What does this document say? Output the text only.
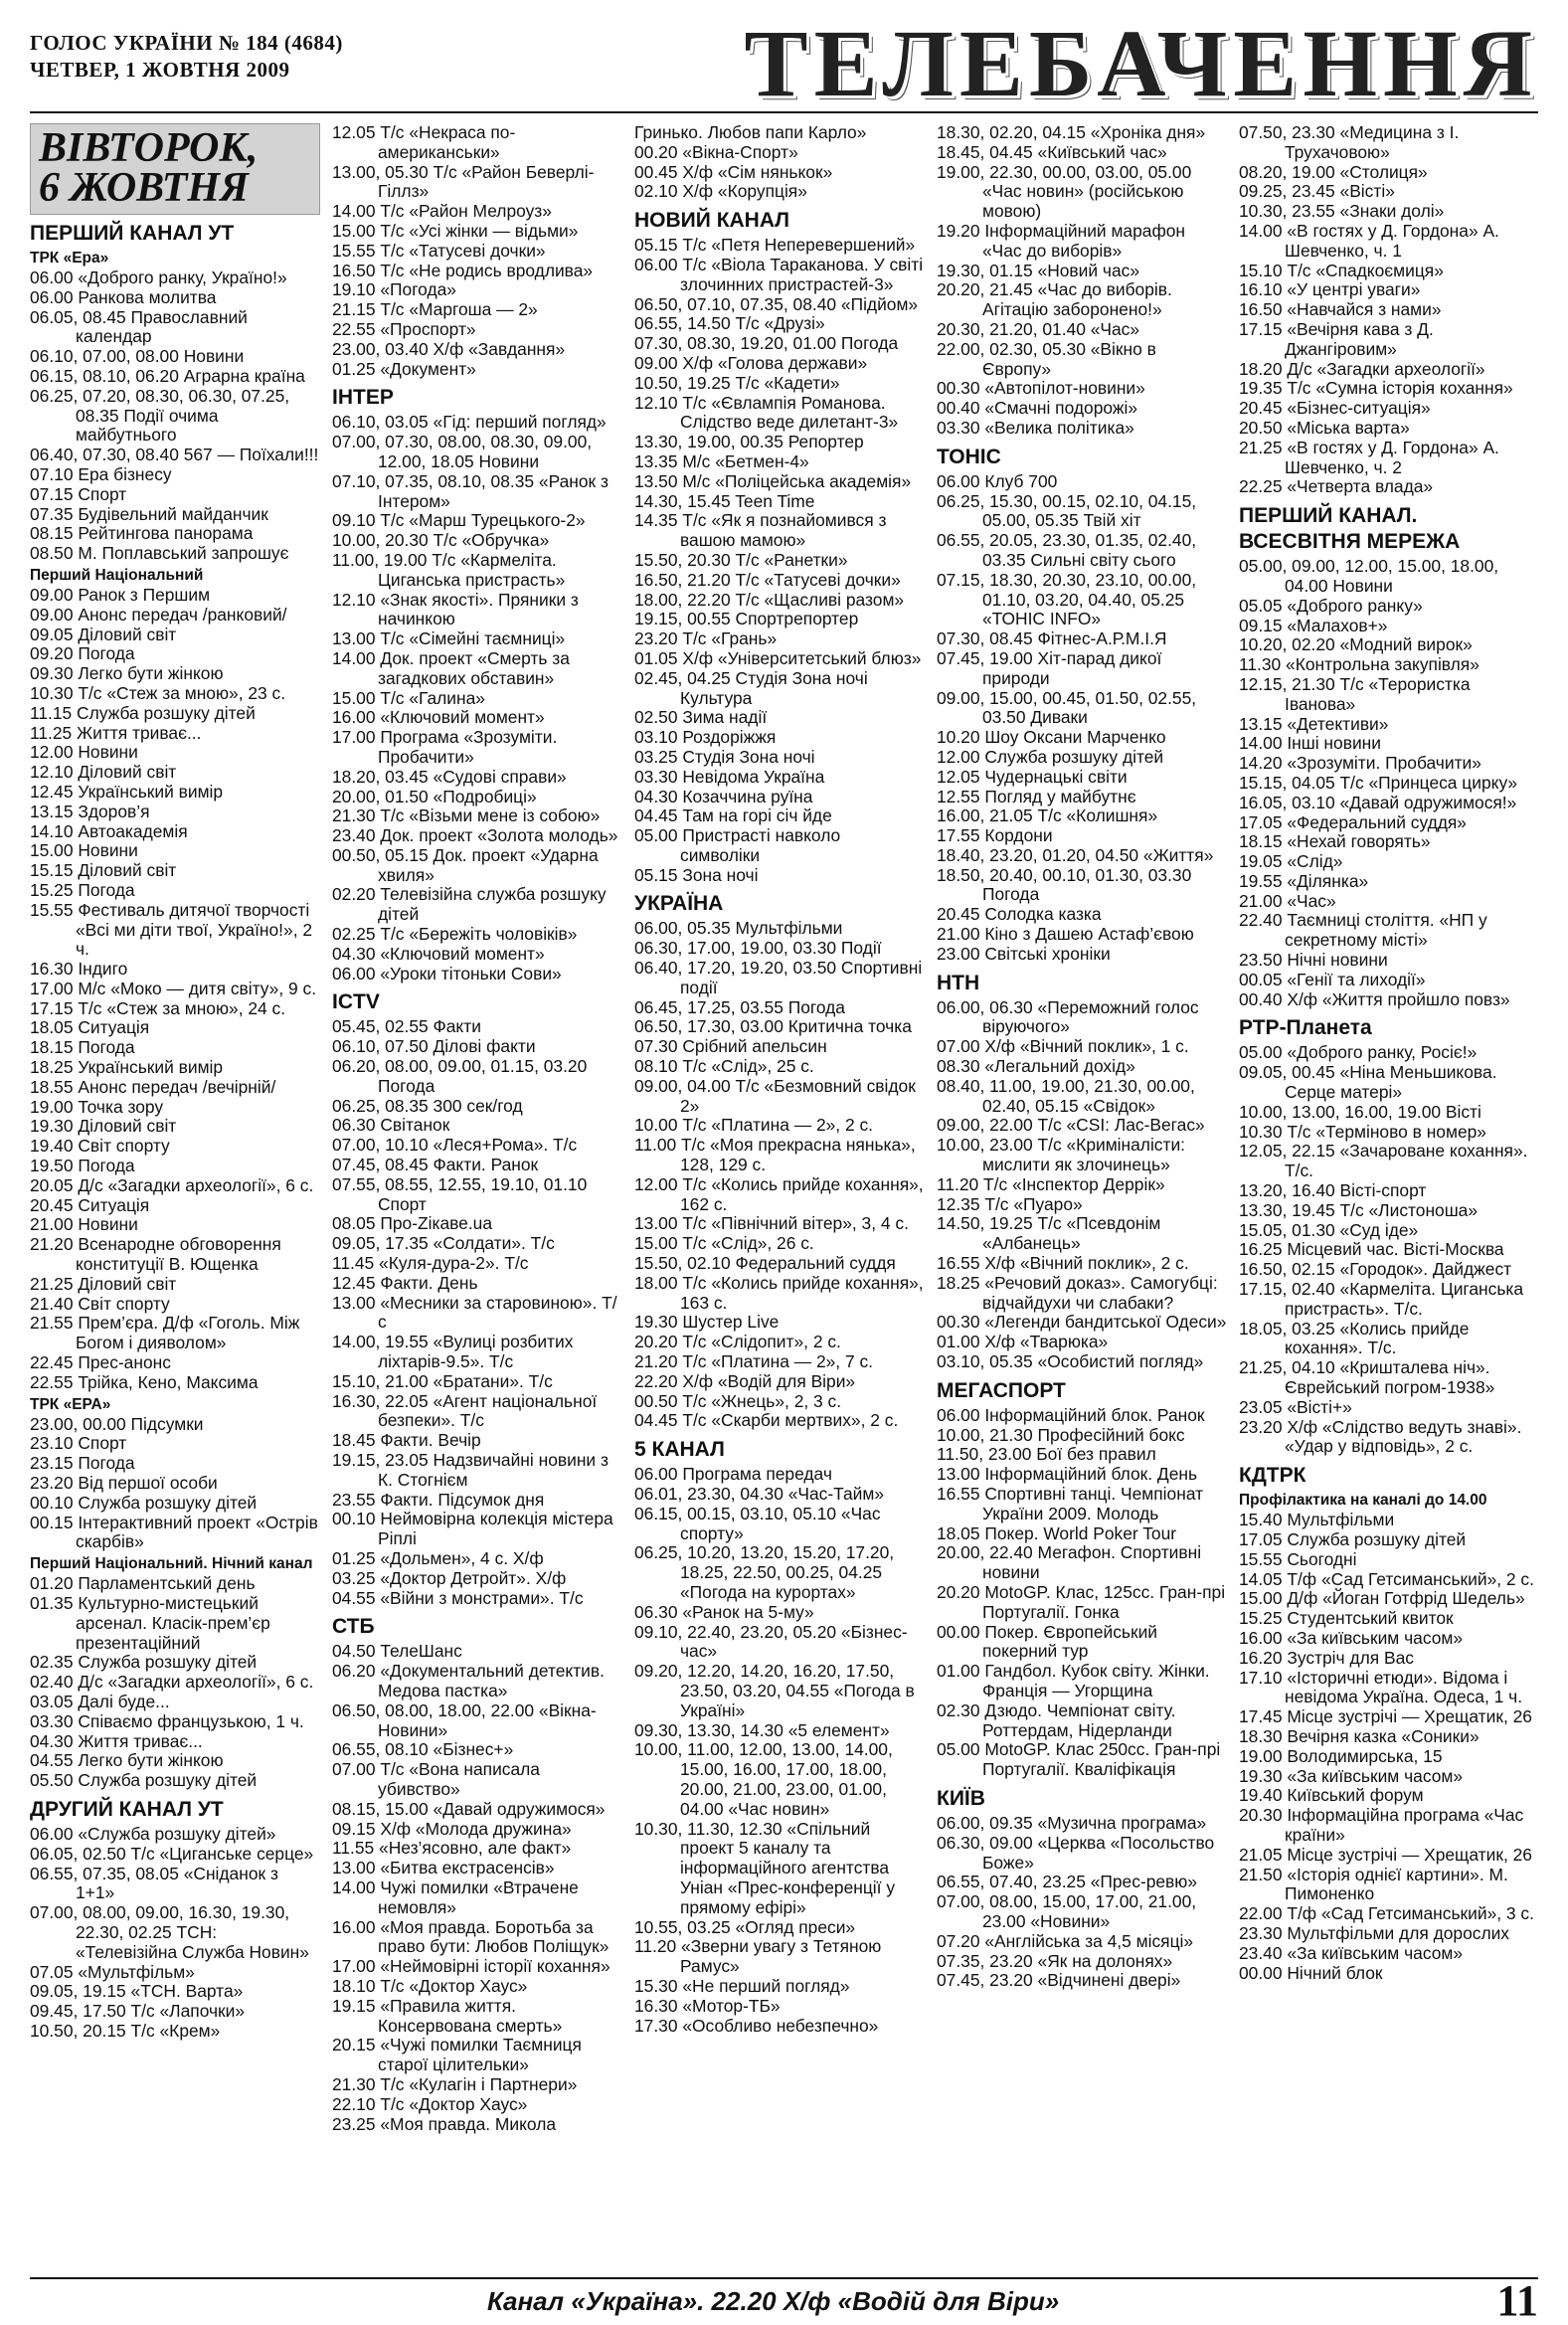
ГОЛОС УКРАЇНИ № 184 (4684)
ЧЕТВЕР, 1 ЖОВТНЯ 2009	ТЕЛЕБАЧЕННЯ
ВІВТОРОК,
6 ЖОВТНЯ
ПЕРШИЙ КАНАЛ УТ
ТРК «Ера»
06.00 «Доброго ранку, Україно!»
06.00 Ранкова молитва
06.05, 08.45 Православний календар
06.10, 07.00, 08.00 Новини
06.15, 08.10, 06.20 Аграрна країна
06.25, 07.20, 08.30, 06.30, 07.25, 08.35 Події очима майбутнього
06.40, 07.30, 08.40 567 — Поїхали!!!
07.10 Ера бізнесу
07.15 Спорт
07.35 Будівельний майданчик
08.15 Рейтингова панорама
08.50 М. Поплавський запрошує
Перший Національний
09.00 Ранок з Першим
09.00 Анонс передач /ранковий/
09.05 Діловий світ
09.20 Погода
09.30 Легко бути жінкою
10.30 Т/с «Стеж за мною», 23 с.
11.15 Служба розшуку дітей
11.25 Життя триває...
12.00 Новини
12.10 Діловий світ
12.45 Український вимір
13.15 Здоров’я
14.10 Автоакадемія
15.00 Новини
15.15 Діловий світ
15.25 Погода
15.55 Фестиваль дитячої творчості «Всі ми діти твої, Україно!», 2 ч.
16.30 Індиго
17.00 М/с «Моко — дитя світу», 9 с.
17.15 Т/с «Стеж за мною», 24 с.
18.05 Ситуація
18.15 Погода
18.25 Український вимір
18.55 Анонс передач /вечірній/
19.00 Точка зору
19.30 Діловий світ
19.40 Світ спорту
19.50 Погода
20.05 Д/с «Загадки археології», 6 с.
20.45 Ситуація
21.00 Новини
21.20 Всенародне обговорення конституції В. Ющенка
21.25 Діловий світ
21.40 Світ спорту
21.55 Прем’єра. Д/ф «Гоголь. Між Богом і дияволом»
22.45 Прес-анонс
22.55 Трійка, Кено, Максима
ТРК «ЕРА»
23.00, 00.00 Підсумки
23.10 Спорт
23.15 Погода
23.20 Від першої особи
00.10 Служба розшуку дітей
00.15 Інтерактивний проект «Острів скарбів»
Перший Національний. Нічний канал
01.20 Парламентський день
01.35 Культурно-мистецький арсенал. Класік-прем’єр презентаційний
02.35 Служба розшуку дітей
02.40 Д/с «Загадки археології», 6 с.
03.05 Далі буде...
03.30 Співаємо французькою, 1 ч.
04.30 Життя триває...
04.55 Легко бути жінкою
05.50 Служба розшуку дітей
ДРУГИЙ КАНАЛ УТ
06.00 «Служба розшуку дітей»
06.05, 02.50 Т/с «Циганське серце»
06.55, 07.35, 08.05 «Сніданок з 1+1»
07.00, 08.00, 09.00, 16.30, 19.30, 22.30, 02.25 ТСН: «Телевізійна Служба Новин»
07.05 «Мультфільм»
09.05, 19.15 «ТСН. Варта»
09.45, 17.50 Т/с «Лапочки»
10.50, 20.15 Т/с «Крем»
12.05 Т/с «Некраса по-американськи»
13.00, 05.30 Т/с «Район Беверлі-Гіллз»
14.00 Т/с «Район Мелроуз»
15.00 Т/с «Усі жінки — відьми»
15.55 Т/с «Татусеві дочки»
16.50 Т/с «Не родись вродлива»
19.10 «Погода»
21.15 Т/с «Маргоша — 2»
22.55 «Проспорт»
23.00, 03.40 Х/ф «Завдання»
01.25 «Документ»
ІНТЕР
06.10, 03.05 «Гід: перший погляд»
07.00, 07.30, 08.00, 08.30, 09.00, 12.00, 18.05 Новини
07.10, 07.35, 08.10, 08.35 «Ранок з Інтером»
09.10 Т/с «Марш Турецького-2»
10.00, 20.30 Т/с «Обручка»
11.00, 19.00 Т/с «Кармеліта. Циганська пристрасть»
12.10 «Знак якості». Пряники з начинкою
13.00 Т/с «Сімейні таємниці»
14.00 Док. проект «Смерть за загадкових обставин»
15.00 Т/с «Галина»
16.00 «Ключовий момент»
17.00 Програма «Зрозуміти. Пробачити»
18.20, 03.45 «Судові справи»
20.00, 01.50 «Подробиці»
21.30 Т/с «Візьми мене із собою»
23.40 Док. проект «Золота молодь»
00.50, 05.15 Док. проект «Ударна хвиля»
02.20 Телевізійна служба розшуку дітей
02.25 Т/с «Бережіть чоловіків»
04.30 «Ключовий момент»
06.00 «Уроки тітоньки Сови»
ICTV
05.45, 02.55 Факти
06.10, 07.50 Ділові факти
06.20, 08.00, 09.00, 01.15, 03.20 Погода
06.25, 08.35 300 сек/год
06.30 Світанок
07.00, 10.10 «Леся+Рома». Т/с
07.45, 08.45 Факти. Ранок
07.55, 08.55, 12.55, 19.10, 01.10 Спорт
08.05 Про-Zікаве.ua
09.05, 17.35 «Солдати». Т/с
11.45 «Куля-дура-2». Т/с
12.45 Факти. День
13.00 «Месники за старовиною». Т/с
14.00, 19.55 «Вулиці розбитих ліхтарів-9.5». Т/с
15.10, 21.00 «Братани». Т/с
16.30, 22.05 «Агент національної безпеки». Т/с
18.45 Факти. Вечір
19.15, 23.05 Надзвичайні новини з К. Стогнієм
23.55 Факти. Підсумок дня
00.10 Неймовірна колекція містера Ріплі
01.25 «Дольмен», 4 с. Х/ф
03.25 «Доктор Детройт». Х/ф
04.55 «Війни з монстрами». Т/с
СТБ
04.50 ТелеШанс
06.20 «Документальний детектив. Медова пастка»
06.50, 08.00, 18.00, 22.00 «Вікна-Новини»
06.55, 08.10 «Бізнес+»
07.00 Т/с «Вона написала убивство»
08.15, 15.00 «Давай одружимося»
09.15 Х/ф «Молода дружина»
11.55 «Нез’ясовно, але факт»
13.00 «Битва екстрасенсів»
14.00 Чужі помилки «Втрачене немовля»
16.00 «Моя правда. Боротьба за право бути: Любов Поліщук»
17.00 «Неймовірні історії кохання»
18.10 Т/с «Доктор Хаус»
19.15 «Правила життя. Консервована смерть»
20.15 «Чужі помилки Таємниця старої цілительки»
21.30 Т/с «Кулагін і Партнери»
22.10 Т/с «Доктор Хаус»
23.25 «Моя правда. Микола
Гринько. Любов папи Карло»
00.20 «Вікна-Спорт»
00.45 Х/ф «Сім нянькок»
02.10 Х/ф «Корупція»
НОВИЙ КАНАЛ
05.15 Т/с «Петя Неперевершений»
06.00 Т/с «Віола Тараканова. У світі злочинних пристрастей-3»
06.50, 07.10, 07.35, 08.40 «Підйом»
06.55, 14.50 Т/с «Друзі»
07.30, 08.30, 19.20, 01.00 Погода
09.00 Х/ф «Голова держави»
10.50, 19.25 Т/с «Кадети»
12.10 Т/с «Євлампія Романова. Слідство веде дилетант-3»
13.30, 19.00, 00.35 Репортер
13.35 М/с «Бетмен-4»
13.50 М/с «Поліцейська академія»
14.30, 15.45 Teen Time
14.35 Т/с «Як я познайомився з вашою мамою»
15.50, 20.30 Т/с «Ранетки»
16.50, 21.20 Т/с «Татусеві дочки»
18.00, 22.20 Т/с «Щасливі разом»
19.15, 00.55 Спортрепортер
23.20 Т/с «Грань»
01.05 Х/ф «Університетський блюз»
02.45, 04.25 Студія Зона ночі Культура
02.50 Зима надії
03.10 Роздоріжжя
03.25 Студія Зона ночі
03.30 Невідома Україна
04.30 Козаччина руїна
04.45 Там на горі січ йде
05.00 Пристрасті навколо символіки
05.15 Зона ночі
УКРАЇНА
06.00, 05.35 Мультфільми
06.30, 17.00, 19.00, 03.30 Події
06.40, 17.20, 19.20, 03.50 Спортивні події
06.45, 17.25, 03.55 Погода
06.50, 17.30, 03.00 Критична точка
07.30 Срібний апельсин
08.10 Т/с «Слід», 25 с.
09.00, 04.00 Т/с «Безмовний свідок 2»
10.00 Т/с «Платина — 2», 2 с.
11.00 Т/с «Моя прекрасна нянька», 128, 129 с.
12.00 Т/с «Колись прийде кохання», 162 с.
13.00 Т/с «Північний вітер», 3, 4 с.
15.00 Т/с «Слід», 26 с.
15.50, 02.10 Федеральний суддя
18.00 Т/с «Колись прийде кохання», 163 с.
19.30 Шустер Live
20.20 Т/с «Слідопит», 2 с.
21.20 Т/с «Платина — 2», 7 с.
22.20 Х/ф «Водій для Віри»
00.50 Т/с «Жнець», 2, 3 с.
04.45 Т/с «Скарби мертвих», 2 с.
5 КАНАЛ
06.00 Програма передач
06.01, 23.30, 04.30 «Час-Тайм»
06.15, 00.15, 03.10, 05.10 «Час спорту»
06.25, 10.20, 13.20, 15.20, 17.20, 18.25, 22.50, 00.25, 04.25 «Погода на курортах»
06.30 «Ранок на 5-му»
09.10, 22.40, 23.20, 05.20 «Бізнес-час»
09.20, 12.20, 14.20, 16.20, 17.50, 23.50, 03.20, 04.55 «Погода в Україні»
09.30, 13.30, 14.30 «5 елемент»
10.00, 11.00, 12.00, 13.00, 14.00, 15.00, 16.00, 17.00, 18.00, 20.00, 21.00, 23.00, 01.00, 04.00 «Час новин»
10.30, 11.30, 12.30 «Спільний проект 5 каналу та інформаційного агентства Уніан «Прес-конференції у прямому ефірі»
10.55, 03.25 «Огляд преси»
11.20 «Зверни увагу з Тетяною Рамус»
15.30 «Не перший погляд»
16.30 «Мотор-ТБ»
17.30 «Особливо небезпечно»
18.30, 02.20, 04.15 «Хроніка дня»
18.45, 04.45 «Київський час»
19.00, 22.30, 00.00, 03.00, 05.00 «Час новин» (російською мовою)
19.20 Інформаційний марафон «Час до виборів»
19.30, 01.15 «Новий час»
20.20, 21.45 «Час до виборів. Агітацію заборонено!»
20.30, 21.20, 01.40 «Час»
22.00, 02.30, 05.30 «Вікно в Європу»
00.30 «Автопілот-новини»
00.40 «Смачні подорожі»
03.30 «Велика політика»
ТОНІС
06.00 Клуб 700
06.25, 15.30, 00.15, 02.10, 04.15, 05.00, 05.35 Твій хіт
06.55, 20.05, 23.30, 01.35, 02.40, 03.35 Сильні світу сього
07.15, 18.30, 20.30, 23.10, 00.00, 01.10, 03.20, 04.40, 05.25 «ТОНІС INFO»
07.30, 08.45 Фітнес-А.Р.М.І.Я
07.45, 19.00 Хіт-парад дикої природи
09.00, 15.00, 00.45, 01.50, 02.55, 03.50 Диваки
10.20 Шоу Оксани Марченко
12.00 Служба розшуку дітей
12.05 Чудернацькі світи
12.55 Погляд у майбутнє
16.00, 21.05 Т/с «Колишня»
17.55 Кордони
18.40, 23.20, 01.20, 04.50 «Життя»
18.50, 20.40, 00.10, 01.30, 03.30 Погода
20.45 Солодка казка
21.00 Кіно з Дашею Астаф’євою
23.00 Світські хроніки
НТН
06.00, 06.30 «Переможний голос віруючого»
07.00 Х/ф «Вічний поклик», 1 с.
08.30 «Легальний дохід»
08.40, 11.00, 19.00, 21.30, 00.00, 02.40, 05.15 «Свідок»
09.00, 22.00 Т/с «CSI: Лас-Вегас»
10.00, 23.00 Т/с «Криміналісти: мислити як злочинець»
11.20 Т/с «Інспектор Деррік»
12.35 Т/с «Пуаро»
14.50, 19.25 Т/с «Псевдонім «Албанець»
16.55 Х/ф «Вічний поклик», 2 с.
18.25 «Речовий доказ». Самогубці: відчайдухи чи слабаки?
00.30 «Легенди бандитської Одеси»
01.00 Х/ф «Тварюка»
03.10, 05.35 «Особистий погляд»
МЕГАСПОРТ
06.00 Інформаційний блок. Ранок
10.00, 21.30 Професійний бокс
11.50, 23.00 Бої без правил
13.00 Інформаційний блок. День
16.55 Спортивні танці. Чемпіонат України 2009. Молодь
18.05 Покер. World Poker Tour
20.00, 22.40 Мегафон. Спортивні новини
20.20 MotoGP. Клас, 125сс. Гран-прі Португалії. Гонка
00.00 Покер. Європейський покерний тур
01.00 Гандбол. Кубок світу. Жінки. Франція — Угорщина
02.30 Дзюдо. Чемпіонат світу. Роттердам, Нідерланди
05.00 MotoGP. Клас 250сс. Гран-прі Португалії. Кваліфікація
КИЇВ
06.00, 09.35 «Музична програма»
06.30, 09.00 «Церква «Посольство Боже»
06.55, 07.40, 23.25 «Прес-ревю»
07.00, 08.00, 15.00, 17.00, 21.00, 23.00 «Новини»
07.20 «Англійська за 4,5 місяці»
07.35, 23.20 «Як на долонях»
07.45, 23.20 «Відчинені двері»
07.50, 23.30 «Медицина з І. Трухачовою»
08.20, 19.00 «Столиця»
09.25, 23.45 «Вісті»
10.30, 23.55 «Знаки долі»
14.00 «В гостях у Д. Гордона» А. Шевченко, ч. 1
15.10 Т/с «Спадкоємиця»
16.10 «У центрі уваги»
16.50 «Навчайся з нами»
17.15 «Вечірня кава з Д. Джангіровим»
18.20 Д/с «Загадки археології»
19.35 Т/с «Сумна історія кохання»
20.45 «Бізнес-ситуація»
20.50 «Міська варта»
21.25 «В гостях у Д. Гордона» А. Шевченко, ч. 2
22.25 «Четверта влада»
ПЕРШИЙ КАНАЛ. ВСЕСВІТНЯ МЕРЕЖА
05.00, 09.00, 12.00, 15.00, 18.00, 04.00 Новини
05.05 «Доброго ранку»
09.15 «Малахов+»
10.20, 02.20 «Модний вирок»
11.30 «Контрольна закупівля»
12.15, 21.30 Т/с «Терористка Іванова»
13.15 «Детективи»
14.00 Інші новини
14.20 «Зрозуміти. Пробачити»
15.15, 04.05 Т/с «Принцеса цирку»
16.05, 03.10 «Давай одружимося!»
17.05 «Федеральний суддя»
18.15 «Нехай говорять»
19.05 «Слід»
19.55 «Ділянка»
21.00 «Час»
22.40 Таємниці століття. «НП у секретному місті»
23.50 Нічні новини
00.05 «Геніï та лиходії»
00.40 Х/ф «Життя пройшло повз»
РТР-Планета
05.00 «Доброго ранку, Росіє!»
09.05, 00.45 «Ніна Меньшикова. Серце матері»
10.00, 13.00, 16.00, 19.00 Вісті
10.30 Т/с «Терміново в номер»
12.05, 22.15 «Зачароване кохання». Т/с.
13.20, 16.40 Вісті-спорт
13.30, 19.45 Т/с «Листоноша»
15.05, 01.30 «Суд іде»
16.25 Місцевий час. Вісті-Москва
16.50, 02.15 «Городок». Дайджест
17.15, 02.40 «Кармеліта. Циганська пристрасть». Т/с.
18.05, 03.25 «Колись прийде кохання». Т/с.
21.25, 04.10 «Кришталева ніч». Єврейський погром-1938»
23.05 «Вісті+»
23.20 Х/ф «Слідство ведуть знаві». «Удар у відповідь», 2 с.
КДТРК
Профілактика на каналі до 14.00
15.40 Мультфільми
17.05 Служба розшуку дітей
15.55 Сьогодні
14.05 Т/ф «Сад Гетсиманський», 2 с.
15.00 Д/ф «Йоган Готфрід Шедель»
15.25 Студентський квиток
16.00 «За київським часом»
16.20 Зустріч для Вас
17.10 «Історичні етюди». Відома і невідома Україна. Одеса, 1 ч.
17.45 Місце зустрічі — Хрещатик, 26
18.30 Вечірня казка «Соники»
19.00 Володимирська, 15
19.30 «За київським часом»
19.40 Київський форум
20.30 Інформаційна програма «Час країни»
21.05 Місце зустрічі — Хрещатик, 26
21.50 «Історія однієї картини». М. Пимоненко
22.00 Т/ф «Сад Гетсиманський», 3 с.
23.30 Мультфільми для дорослих
23.40 «За київським часом»
00.00 Нічний блок
Канал «Україна». 22.20 Х/ф «Водій для Віри»	11
